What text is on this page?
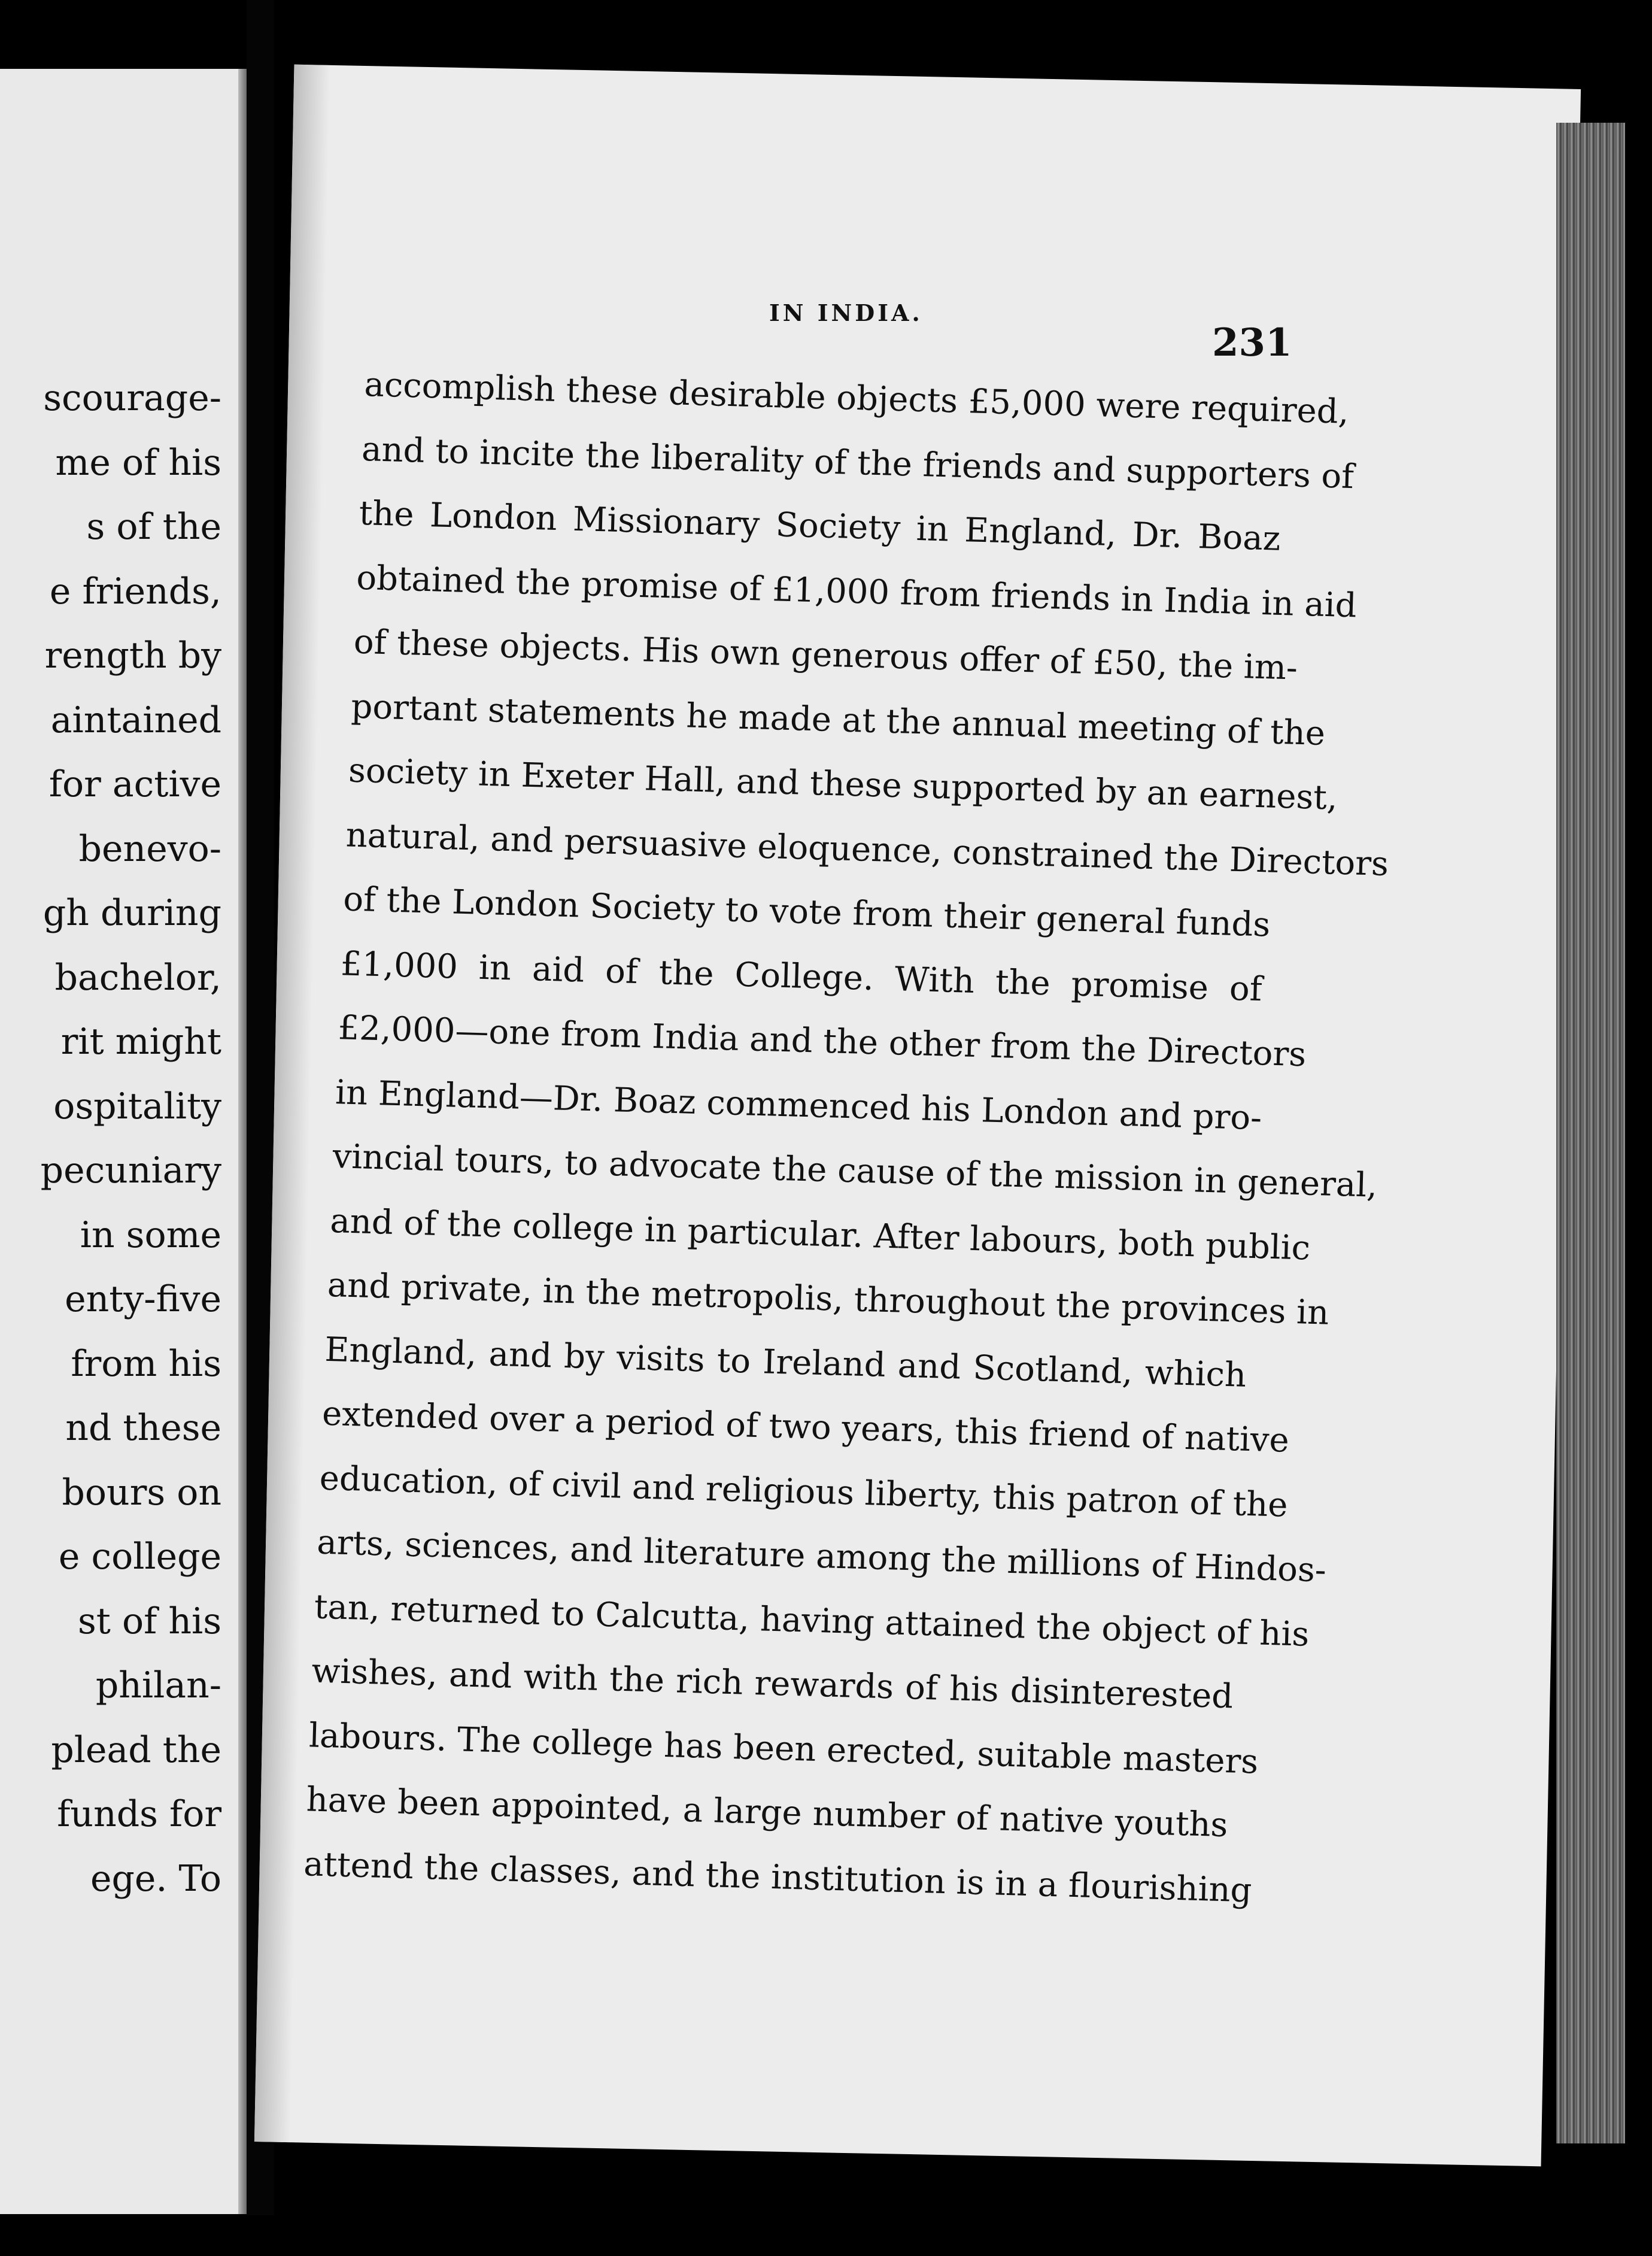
scourage-
me of his
s of the
e friends,
rength by
aintained
for active
benevo-
gh during
bachelor,
rit might
ospitality
pecuniary
in some
enty-five
from his
nd these
bours on
e college
st of his
philan-
plead the
funds for
ege. To
IN INDIA.
231
accomplish these desirable objects £5,000 were required,
and to incite the liberality of the friends and supporters of
the London Missionary Society in England, Dr. Boaz
obtained the promise of £1,000 from friends in India in aid
of these objects. His own generous offer of £50, the im-
portant statements he made at the annual meeting of the
society in Exeter Hall, and these supported by an earnest,
natural, and persuasive eloquence, constrained the Directors
of the London Society to vote from their general funds
£1,000 in aid of the College. With the promise of
£2,000—one from India and the other from the Directors
in England—Dr. Boaz commenced his London and pro-
vincial tours, to advocate the cause of the mission in general,
and of the college in particular. After labours, both public
and private, in the metropolis, throughout the provinces in
England, and by visits to Ireland and Scotland, which
extended over a period of two years, this friend of native
education, of civil and religious liberty, this patron of the
arts, sciences, and literature among the millions of Hindos-
tan, returned to Calcutta, having attained the object of his
wishes, and with the rich rewards of his disinterested
labours. The college has been erected, suitable masters
have been appointed, a large number of native youths
attend the classes, and the institution is in a flourishing
